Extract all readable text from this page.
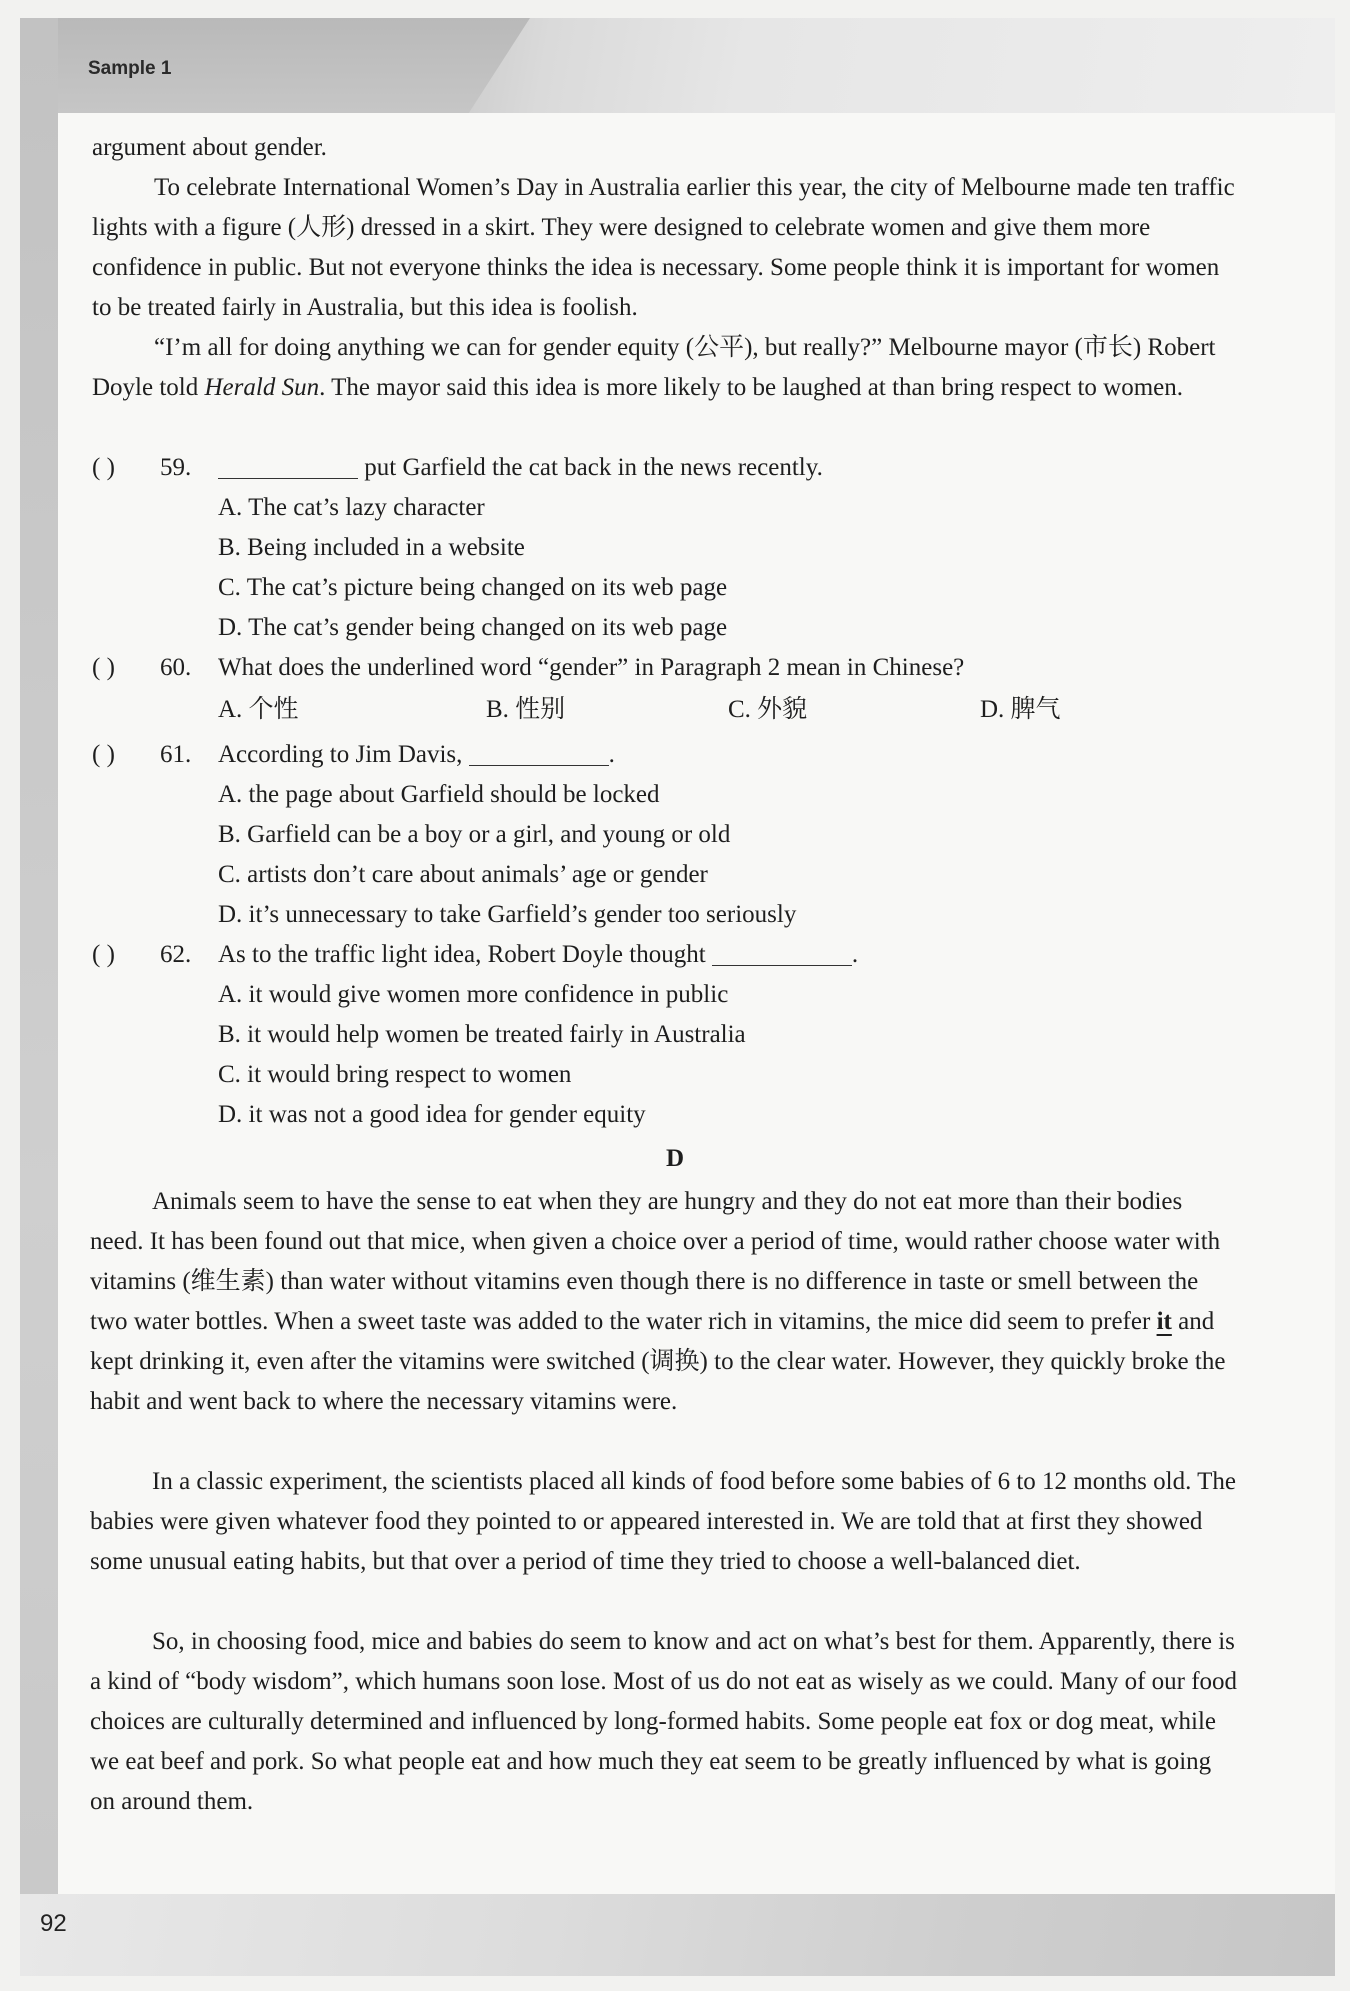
Sample 1

argument about gender.

To celebrate International Women’s Day in Australia earlier this year, the city of Melbourne made ten traffic lights with a figure (人形) dressed in a skirt. They were designed to celebrate women and give them more confidence in public. But not everyone thinks the idea is necessary. Some people think it is important for women to be treated fairly in Australia, but this idea is foolish.

“I’m all for doing anything we can for gender equity (公平), but really?” Melbourne mayor (市长) Robert Doyle told Herald Sun. The mayor said this idea is more likely to be laughed at than bring respect to women.

( ) 59.	put Garfield the cat back in the news recently.
A. The cat’s lazy character
B. Being included in a website
C. The cat’s picture being changed on its web page
D. The cat’s gender being changed on its web page
( ) 60. What does the underlined word “gender” in Paragraph 2 mean in Chinese?
A. 个性	B. 性别	C. 外貌	D. 脾气
( ) 61. According to Jim Davis,	.
A. the page about Garfield should be locked
B. Garfield can be a boy or a girl, and young or old
C. artists don’t care about animals’ age or gender
D. it’s unnecessary to take Garfield’s gender too seriously
( ) 62. As to the traffic light idea, Robert Doyle thought	.
A. it would give women more confidence in public
B. it would help women be treated fairly in Australia
C. it would bring respect to women
D. it was not a good idea for gender equity
D

Animals seem to have the sense to eat when they are hungry and they do not eat more than their bodies need. It has been found out that mice, when given a choice over a period of time, would rather choose water with vitamins (维生素) than water without vitamins even though there is no difference in taste or smell between the two water bottles. When a sweet taste was added to the water rich in vitamins, the mice did seem to prefer it and kept drinking it, even after the vitamins were switched (调换) to the clear water. However, they quickly broke the habit and went back to where the necessary vitamins were.

In a classic experiment, the scientists placed all kinds of food before some babies of 6 to 12 months old. The babies were given whatever food they pointed to or appeared interested in. We are told that at first they showed some unusual eating habits, but that over a period of time they tried to choose a well-balanced diet.

So, in choosing food, mice and babies do seem to know and act on what’s best for them. Apparently, there is a kind of “body wisdom”, which humans soon lose. Most of us do not eat as wisely as we could. Many of our food choices are culturally determined and influenced by long-formed habits. Some people eat fox or dog meat, while we eat beef and pork. So what people eat and how much they eat seem to be greatly influenced by what is going on around them.

92
